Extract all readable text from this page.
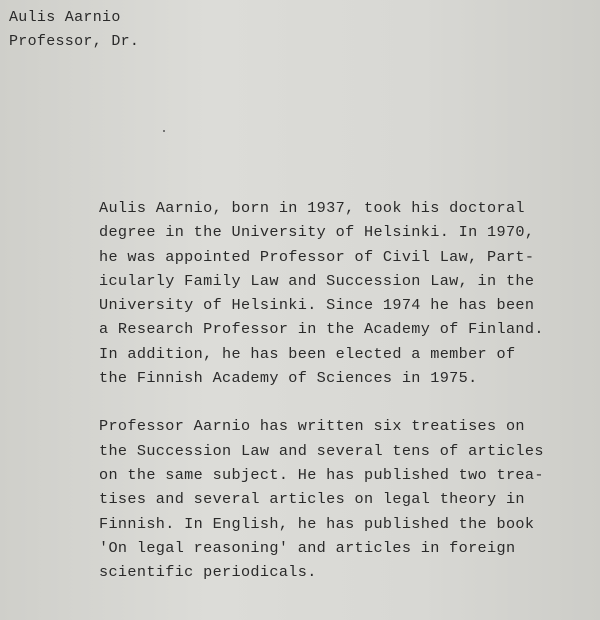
Aulis Aarnio
Professor, Dr.

Aulis Aarnio, born in 1937, took his doctoral
degree in the University of Helsinki. In 1970,
he was appointed Professor of Civil Law, Part-
icularly Family Law and Succession Law, in the
University of Helsinki. Since 1974 he has been
a Research Professor in the Academy of Finland.
In addition, he has been elected a member of
the Finnish Academy of Sciences in 1975.

Professor Aarnio has written six treatises on
the Succession Law and several tens of articles
on the same subject. He has published two trea-
tises and several articles on legal theory in
Finnish. In English, he has published the book
'On legal reasoning' and articles in foreign
scientific periodicals.
